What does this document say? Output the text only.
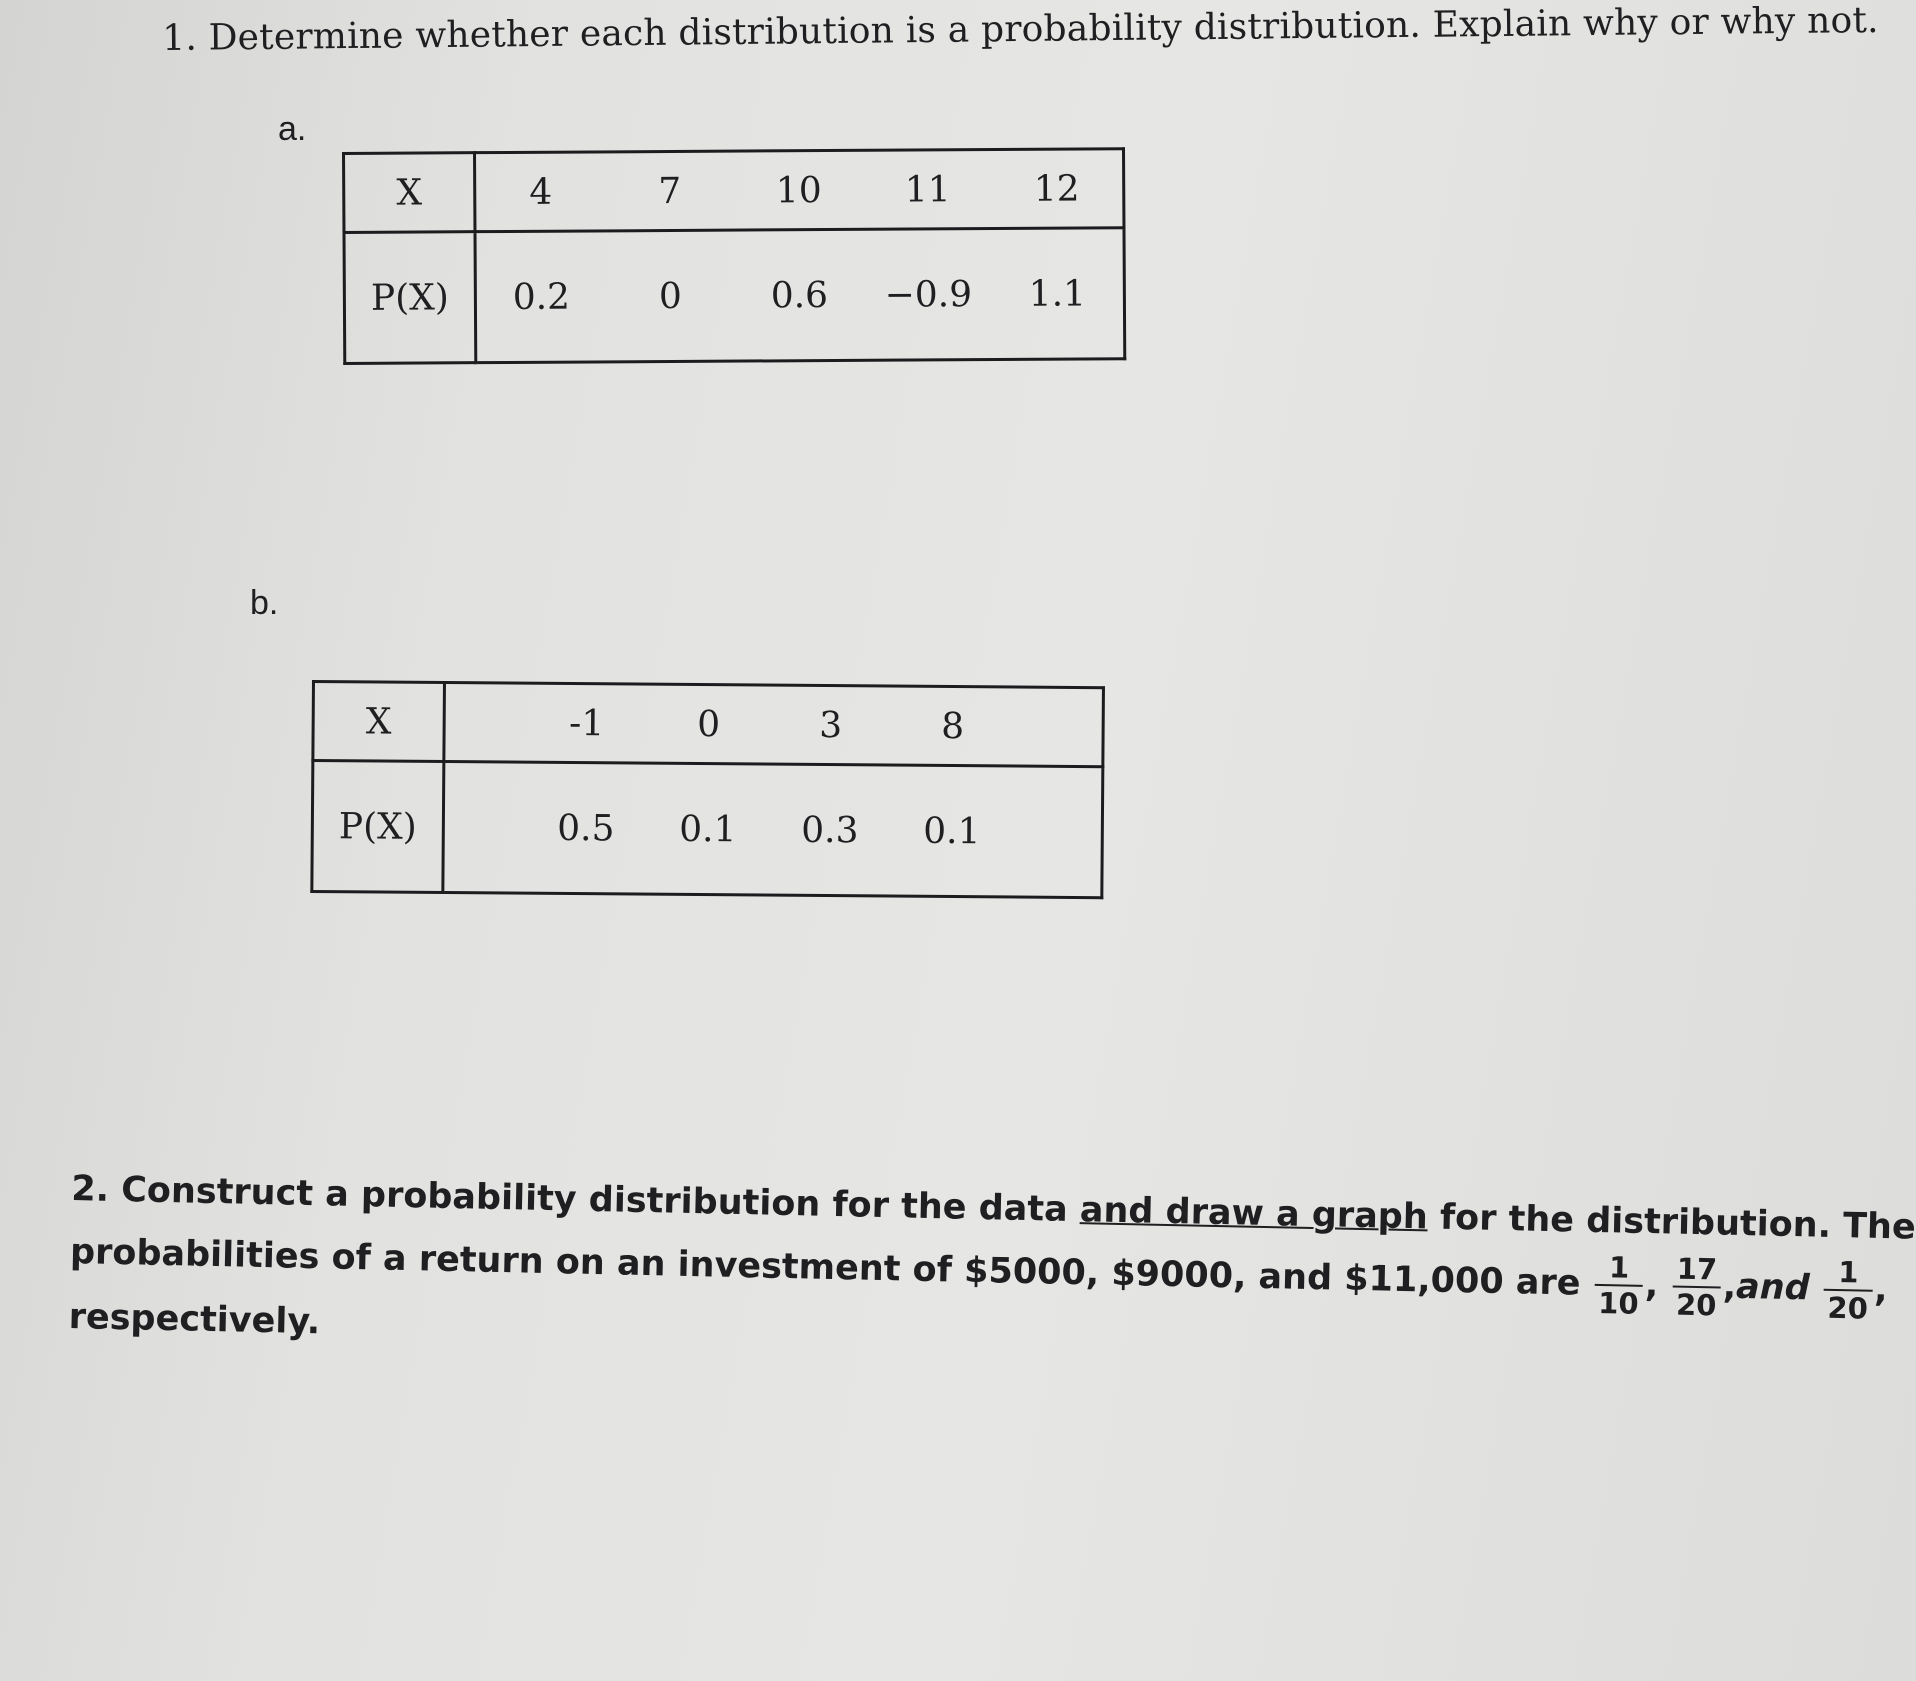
1. Determine whether each distribution is a probability distribution. Explain why or why not.
a.
X	4 7 10 11 12

P(X)	0.2 0 0.6 −0.9 1.1
b.
X	-1 0 3 8

P(X)	0.5 0.1 0.3 0.1
2. Construct a probability distribution for the data and draw a graph for the distribution. The
probabilities of a return on an investment of $5000, $9000, and $11,000 are $\frac{1}{10}$ , $\frac{17}{20} ,and \frac{1}{20}$ ,
respectively.
